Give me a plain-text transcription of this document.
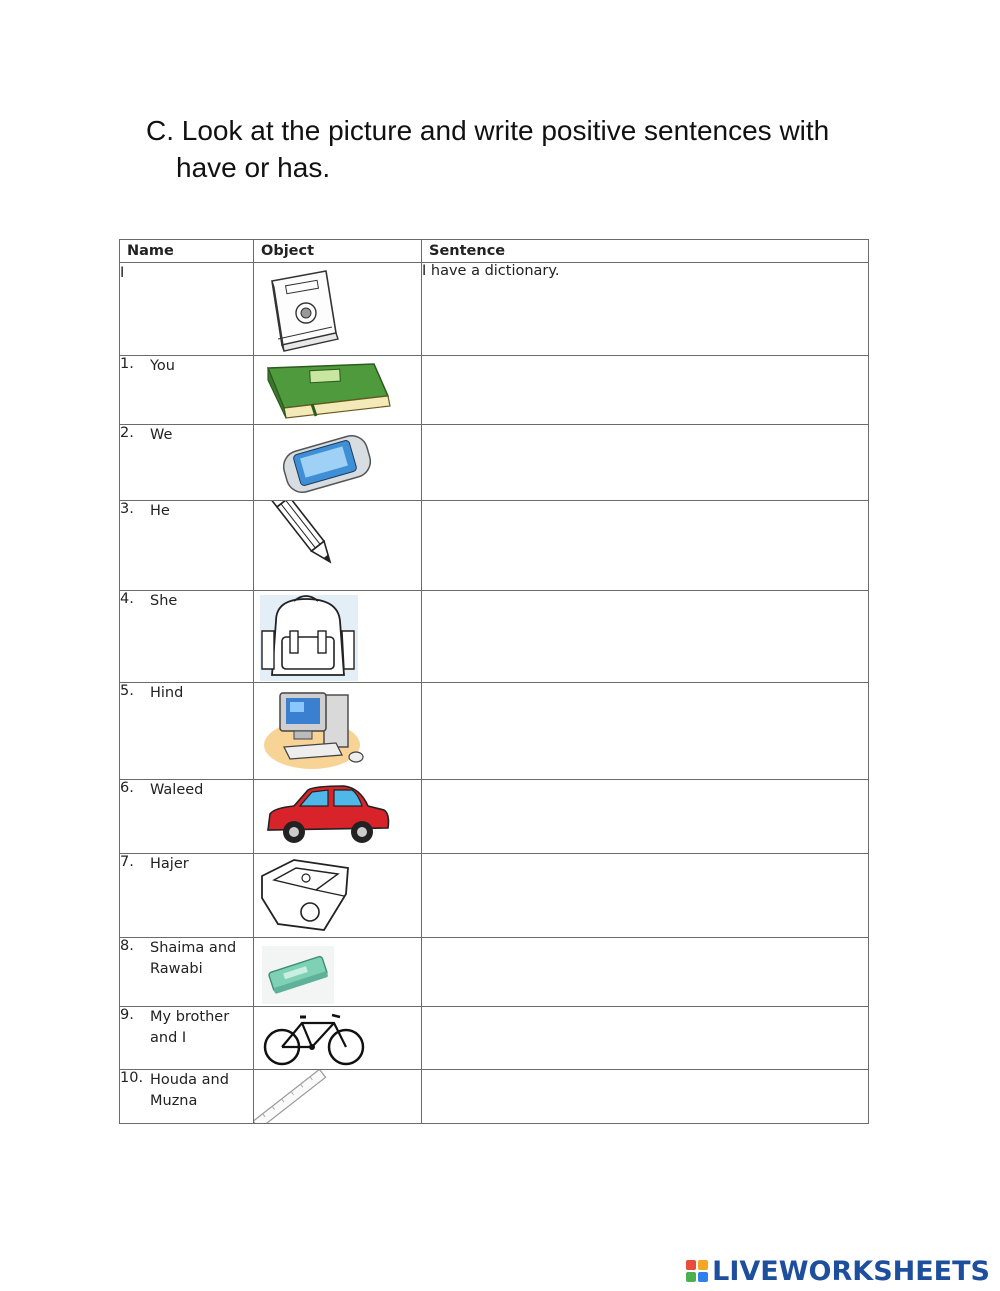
C. Look at the picture and write positive sentences with
have or has.
Name	Object	Sentence

I		I have a dictionary.

1. You

2. We

3. He

4. She

5. Hind

6. Waleed

7. Hajer

8. Shaima and Rawabi

9. My brother and I

10. Houda and Muzna

LIVEWORKSHEETS
